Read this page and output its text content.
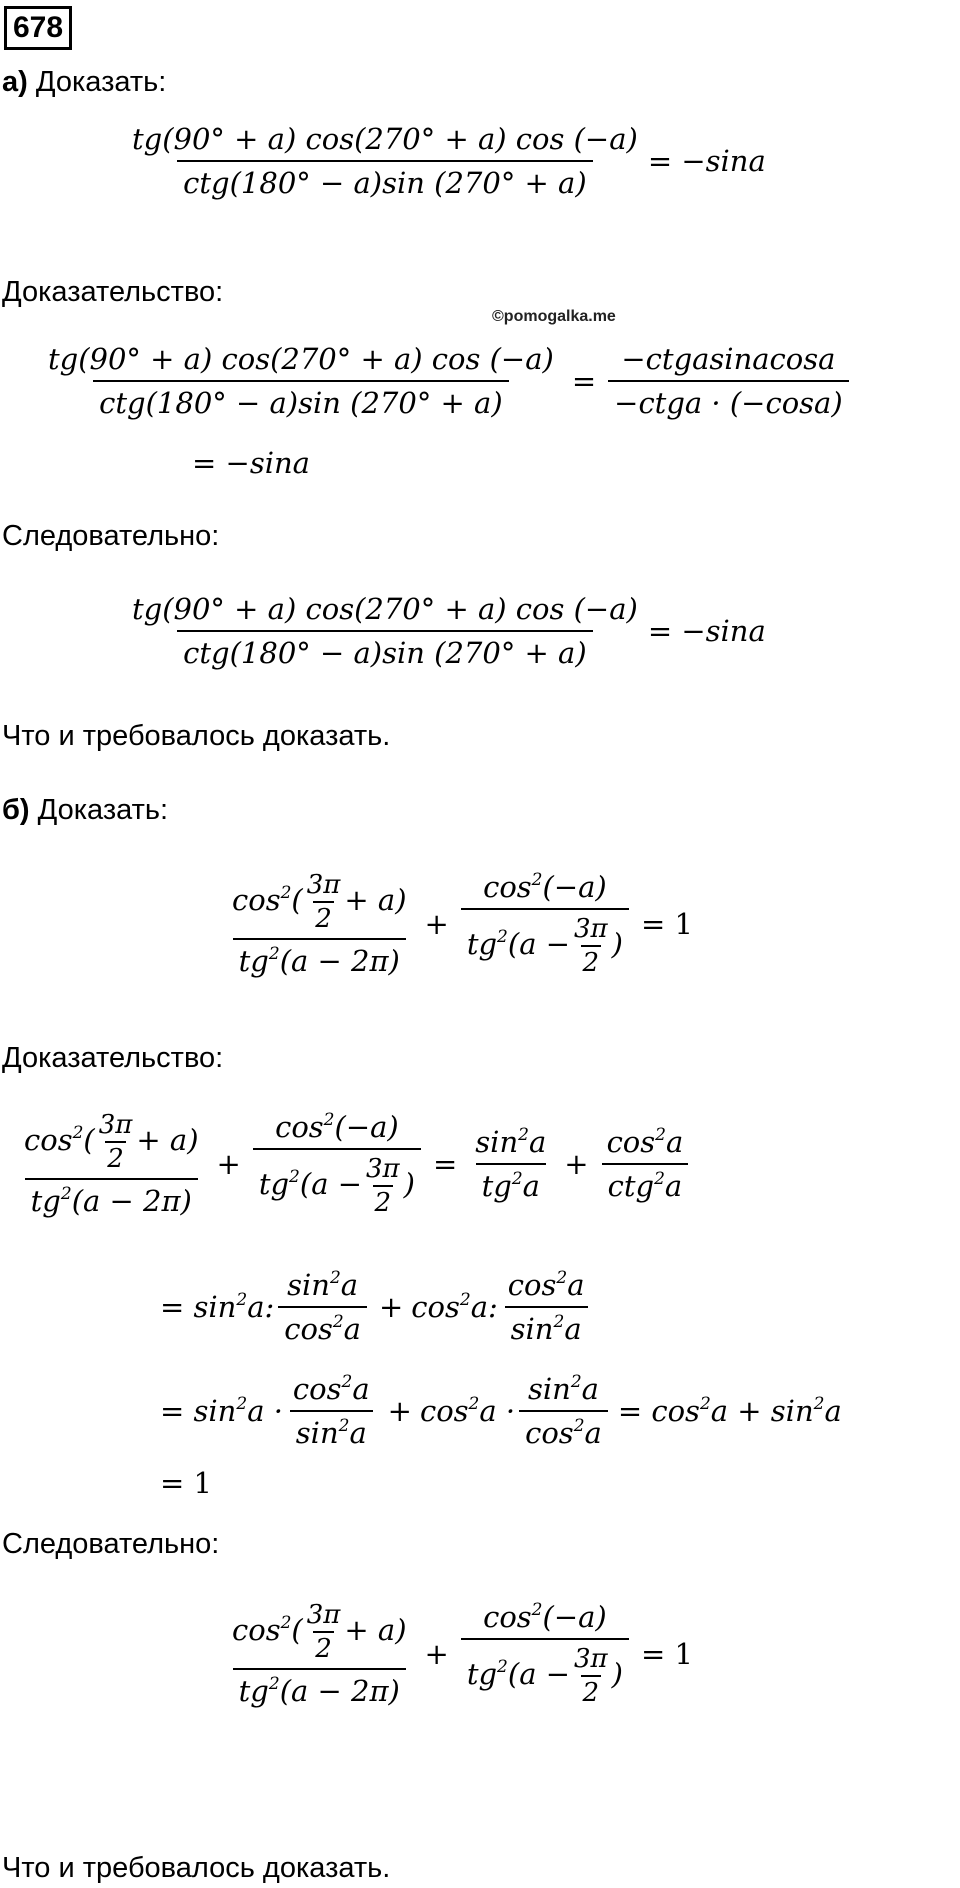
678
а) Доказать:
$\frac{tg(90^\circ + a) \cos(270^\circ + a) \cos (-a)}{\text{ctg(180° − a)sin (270° + a)}} = -\sin a$
Доказательство:
©pomogalka.me
$\frac{tg(90^\circ + a) \cos(270^\circ + a) \cos (-a)}{\text{ctg(180° − a)sin (270° + a)}} = \frac{\text{−ctgasinacosa}}{\text{−ctga · (−cosa)}}$
= −sina
Следовательно:
$\frac{tg(90^\circ + a) \cos(270^\circ + a) \cos (-a)}{\text{ctg(180° − a)sin (270° + a)}} = -\sin a$
Что и требовалось доказать.
б) Доказать:
$\frac{\cos^2( \frac{3\pi}{2} + a)}{tg^2(a - 2\pi)} + \frac{\cos^2(-a)}{tg^2(a - \frac{3\pi}{2} )} = 1$
Доказательство:
$\frac{\cos^2( \frac{3\pi}{2} + a)}{tg^2(a - 2\pi)} + \frac{\cos^2(-a)}{tg^2(a - \frac{3\pi}{2} )} = \frac{\sin^2a}{tg^2a} + \frac{\cos^2a}{ctg^2a}$
= $\sin^2a$: $\frac{\sin^2a}{\cos^2a} + \cos^2a$: $\frac{\cos^2a}{\sin^2a}$
= $\sin^2a \cdot \frac{\cos^2a}{\sin^2a} + \cos^2a \cdot \frac{\sin^2a}{\cos^2a} = \cos^2a + \sin^2a$
= 1
Следовательно:
$\frac{\cos^2( \frac{3\pi}{2} + a)}{tg^2(a - 2\pi)} + \frac{\cos^2(-a)}{tg^2(a - \frac{3\pi}{2} )} = 1$
Что и требовалось доказать.
